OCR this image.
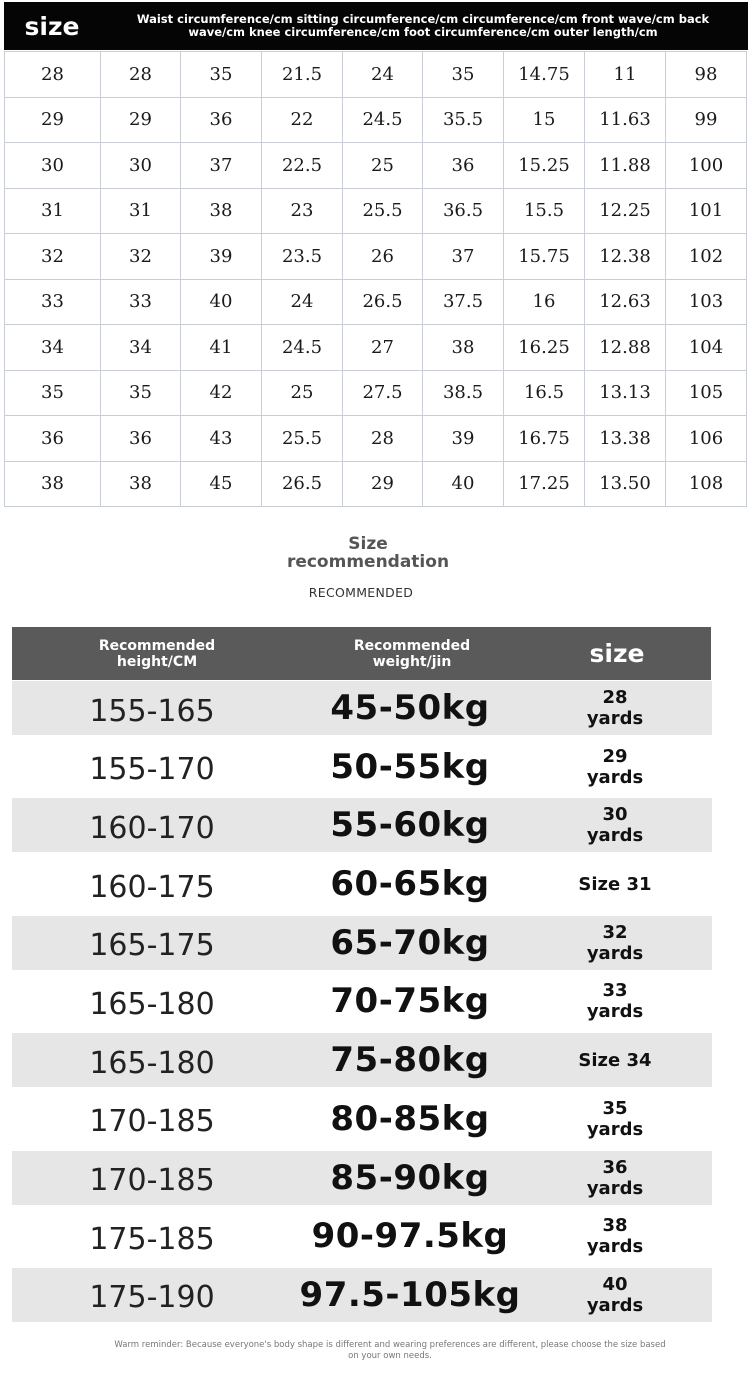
size	Waist circumference/cm sitting circumference/cm circumference/cm front wave/cm back wave/cm knee circumference/cm foot circumference/cm outer length/cm
28	28	35	21.5	24	35	14.75	11	98
29	29	36	22	24.5	35.5	15	11.63	99
30	30	37	22.5	25	36	15.25	11.88	100
31	31	38	23	25.5	36.5	15.5	12.25	101
32	32	39	23.5	26	37	15.75	12.38	102
33	33	40	24	26.5	37.5	16	12.63	103
34	34	41	24.5	27	38	16.25	12.88	104
35	35	42	25	27.5	38.5	16.5	13.13	105
36	36	43	25.5	28	39	16.75	13.38	106
38	38	45	26.5	29	40	17.25	13.50	108
Size
recommendation
RECOMMENDED
Recommended height/CM
Recommended weight/jin	size
155-165	45-50kg	28
yards
155-170	50-55kg	29
yards
160-170	55-60kg	30
yards
160-175	60-65kg	Size 31
165-175	65-70kg	32
yards
165-180	70-75kg	33
yards
165-180	75-80kg	Size 34
170-185	80-85kg	35
yards
170-185	85-90kg	36
yards
175-185	90-97.5kg	38
yards
175-190	97.5-105kg	40
yards
Warm reminder: Because everyone's body shape is different and wearing preferences are different, please choose the size based on your own needs.
